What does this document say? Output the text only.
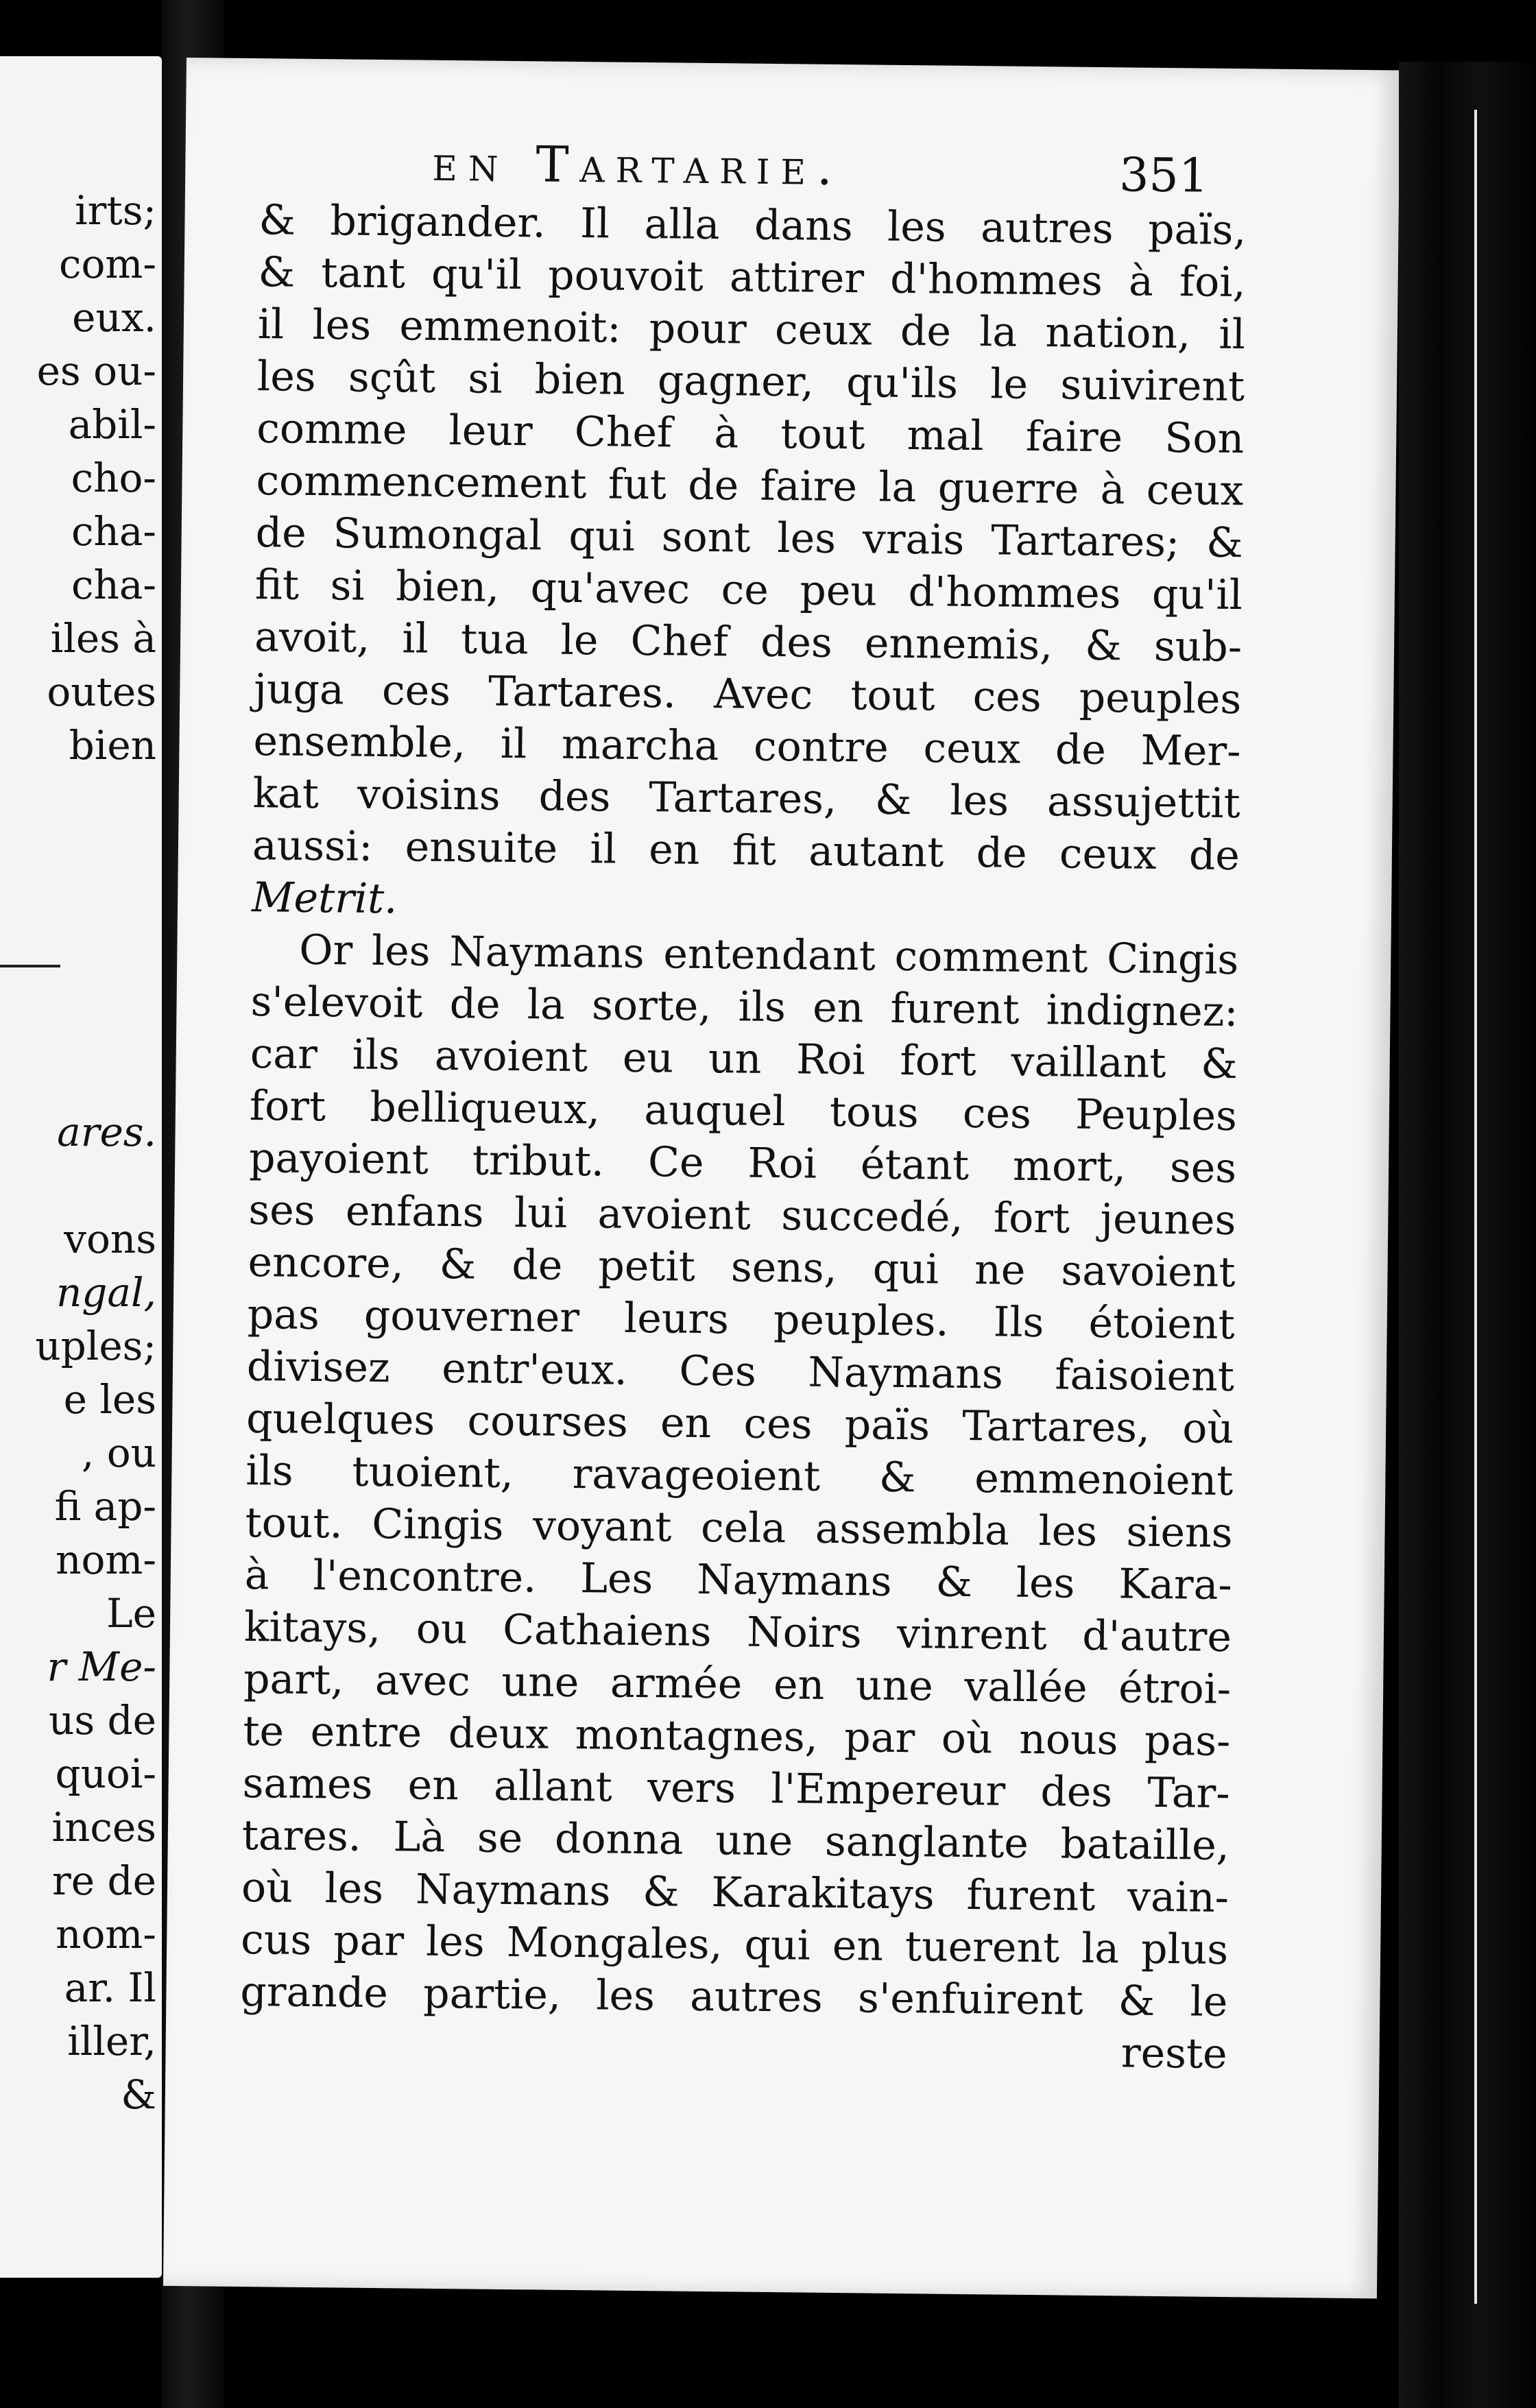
irts;
com-
eux.
es ou-
abil-
cho-
cha-
cha-
iles à
outes
bien
ares.
vons
ngal,
uples;
e les
, ou
fi ap-
nom-
Le
r Me-
us de
quoi-
inces
re de
nom-
ar. Il
iller,
&
en Tartarie.	351
& brigander. Il alla dans les autres païs,
& tant qu'il pouvoit attirer d'hommes à foi,
il les emmenoit: pour ceux de la nation, il
les sçût si bien gagner, qu'ils le suivirent
comme leur Chef à tout mal faire Son
commencement fut de faire la guerre à ceux
de Sumongal qui sont les vrais Tartares; &
fit si bien, qu'avec ce peu d'hommes qu'il
avoit, il tua le Chef des ennemis, & sub-
juga ces Tartares. Avec tout ces peuples
ensemble, il marcha contre ceux de Mer-
kat voisins des Tartares, & les assujettit
aussi: ensuite il en fit autant de ceux de
Metrit.
Or les Naymans entendant comment Cingis
s'elevoit de la sorte, ils en furent indignez:
car ils avoient eu un Roi fort vaillant &
fort belliqueux, auquel tous ces Peuples
payoient tribut. Ce Roi étant mort, ses
ses enfans lui avoient succedé, fort jeunes
encore, & de petit sens, qui ne savoient
pas gouverner leurs peuples. Ils étoient
divisez entr'eux. Ces Naymans faisoient
quelques courses en ces païs Tartares, où
ils tuoient, ravageoient & emmenoient
tout. Cingis voyant cela assembla les siens
à l'encontre. Les Naymans & les Kara-
kitays, ou Cathaiens Noirs vinrent d'autre
part, avec une armée en une vallée étroi-
te entre deux montagnes, par où nous pas-
sames en allant vers l'Empereur des Tar-
tares. Là se donna une sanglante bataille,
où les Naymans & Karakitays furent vain-
cus par les Mongales, qui en tuerent la plus
grande partie, les autres s'enfuirent & le
reste
